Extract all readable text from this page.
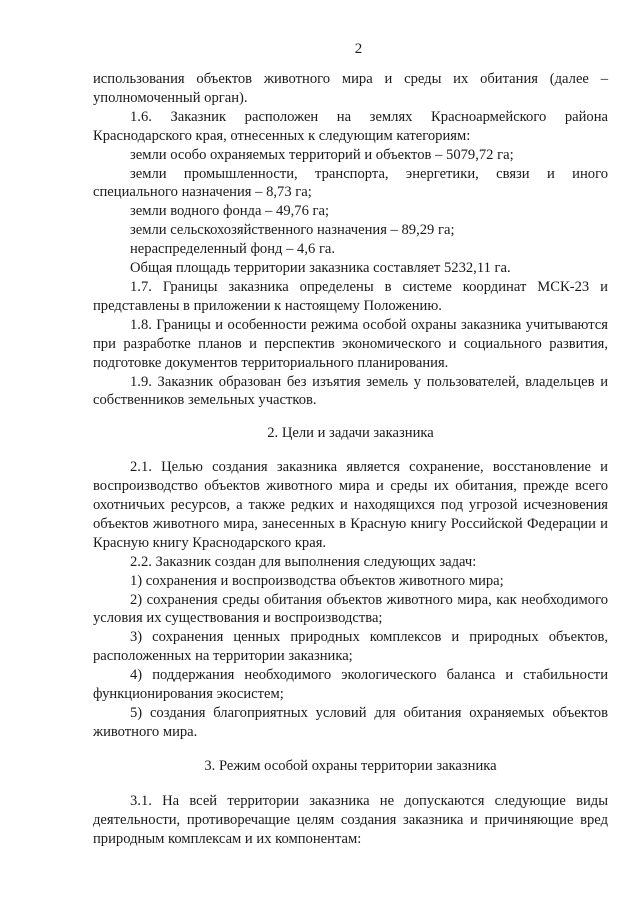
2

использования объектов животного мира и среды их обитания (далее – уполномоченный орган).

1.6. Заказник расположен на землях Красноармейского района Краснодарского края, отнесенных к следующим категориям:

земли особо охраняемых территорий и объектов – 5079,72 га;

земли промышленности, транспорта, энергетики, связи и иного специального назначения – 8,73 га;

земли водного фонда – 49,76 га;

земли сельскохозяйственного назначения – 89,29 га;

нераспределенный фонд – 4,6 га.

Общая площадь территории заказника составляет 5232,11 га.

1.7. Границы заказника определены в системе координат МСК-23 и представлены в приложении к настоящему Положению.

1.8. Границы и особенности режима особой охраны заказника учитываются при разработке планов и перспектив экономического и социального развития, подготовке документов территориального планирования.

1.9. Заказник образован без изъятия земель у пользователей, владельцев и собственников земельных участков.

2. Цели и задачи заказника

2.1. Целью создания заказника является сохранение, восстановление и воспроизводство объектов животного мира и среды их обитания, прежде всего охотничьих ресурсов, а также редких и находящихся под угрозой исчезновения объектов животного мира, занесенных в Красную книгу Российской Федерации и Красную книгу Краснодарского края.

2.2. Заказник создан для выполнения следующих задач:

1) сохранения и воспроизводства объектов животного мира;

2) сохранения среды обитания объектов животного мира, как необходимого условия их существования и воспроизводства;

3) сохранения ценных природных комплексов и природных объектов, расположенных на территории заказника;

4) поддержания необходимого экологического баланса и стабильности функционирования экосистем;

5) создания благоприятных условий для обитания охраняемых объектов животного мира.

3. Режим особой охраны территории заказника

3.1. На всей территории заказника не допускаются следующие виды деятельности, противоречащие целям создания заказника и причиняющие вред природным комплексам и их компонентам:
